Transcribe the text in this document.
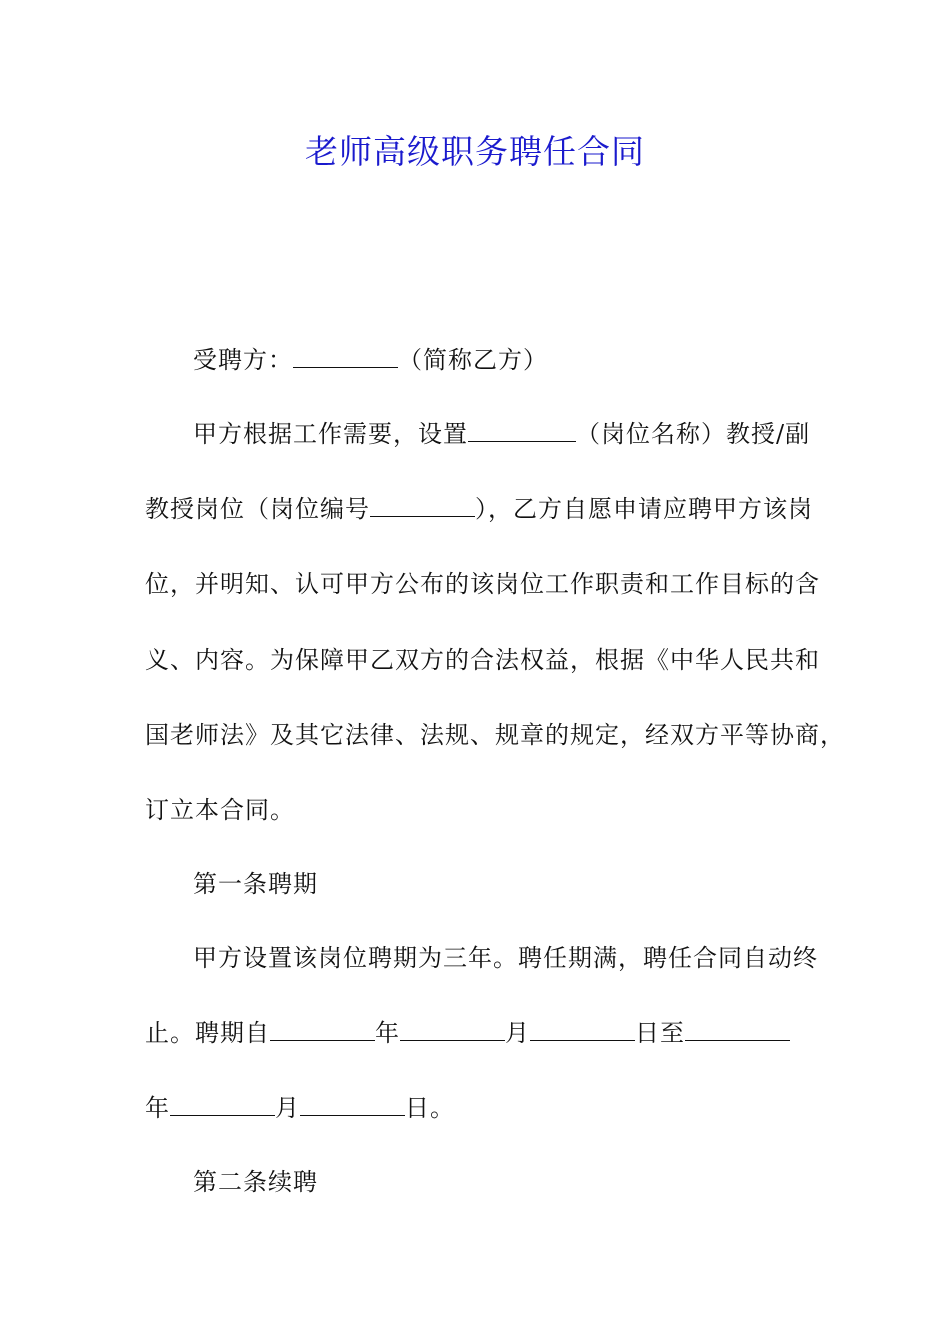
老师高级职务聘任合同
受聘方：	（简称乙方）
甲方根据工作需要，设置	（岗位名称）教授/副
教授岗位（岗位编号	），乙方自愿申请应聘甲方该岗
位，并明知、认可甲方公布的该岗位工作职责和工作目标的含
义、内容。为保障甲乙双方的合法权益，根据《中华人民共和
国老师法》及其它法律、法规、规章的规定，经双方平等协商，
订立本合同。
第一条聘期
甲方设置该岗位聘期为三年。聘任期满，聘任合同自动终
止。聘期自	年	月	日至
年	月	日。
第二条续聘
